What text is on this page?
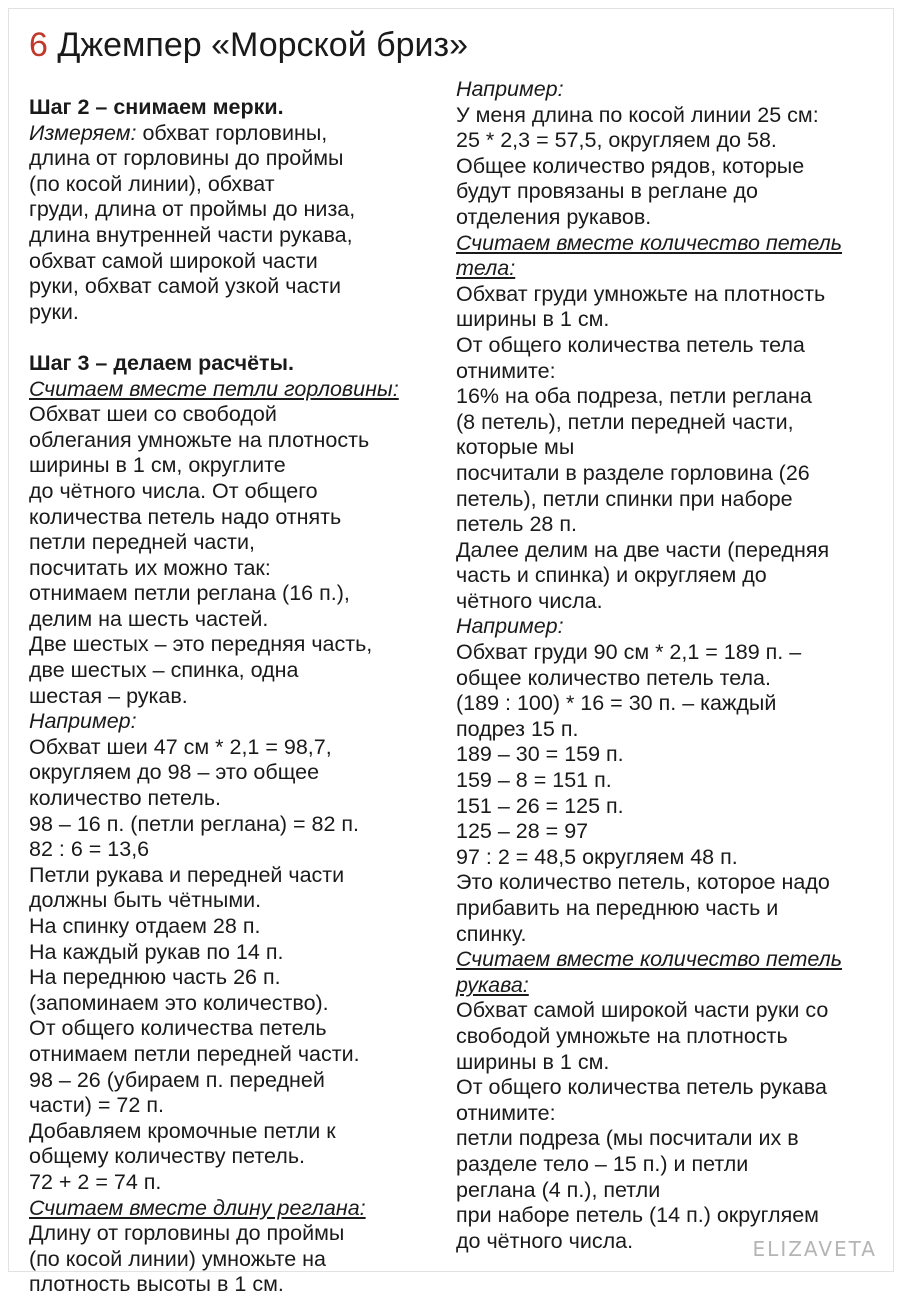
6 Джемпер «Морской бриз»
Шаг 2 – снимаем мерки.
Измеряем: обхват горловины,
длина от горловины до проймы
(по косой линии), обхват
груди, длина от проймы до низа,
длина внутренней части рукава,
обхват самой широкой части
руки, обхват самой узкой части
руки.
Шаг 3 – делаем расчёты.
Считаем вместе петли горловины:
Обхват шеи со свободой
облегания умножьте на плотность
ширины в 1 см, округлите
до чётного числа. От общего
количества петель надо отнять
петли передней части,
посчитать их можно так:
отнимаем петли реглана (16 п.),
делим на шесть частей.
Две шестых – это передняя часть,
две шестых – спинка, одна
шестая – рукав.
Например:
Обхват шеи 47 см * 2,1 = 98,7,
округляем до 98 – это общее
количество петель.
98 – 16 п. (петли реглана) = 82 п.
82 : 6 = 13,6
Петли рукава и передней части
должны быть чётными.
На спинку отдаем 28 п.
На каждый рукав по 14 п.
На переднюю часть 26 п.
(запоминаем это количество).
От общего количества петель
отнимаем петли передней части.
98 – 26 (убираем п. передней
части) = 72 п.
Добавляем кромочные петли к
общему количеству петель.
72 + 2 = 74 п.
Считаем вместе длину реглана:
Длину от горловины до проймы
(по косой линии) умножьте на
плотность высоты в 1 см.
Например:
У меня длина по косой линии 25 см:
25 * 2,3 = 57,5, округляем до 58.
Общее количество рядов, которые
будут провязаны в реглане до
отделения рукавов.
Считаем вместе количество петель
тела:
Обхват груди умножьте на плотность
ширины в 1 см.
От общего количества петель тела
отнимите:
16% на оба подреза, петли реглана
(8 петель), петли передней части,
которые мы
посчитали в разделе горловина (26
петель), петли спинки при наборе
петель 28 п.
Далее делим на две части (передняя
часть и спинка) и округляем до
чётного числа.
Например:
Обхват груди 90 см * 2,1 = 189 п. –
общее количество петель тела.
(189 : 100) * 16 = 30 п. – каждый
подрез 15 п.
189 – 30 = 159 п.
159 – 8 = 151 п.
151 – 26 = 125 п.
125 – 28 = 97
97 : 2 = 48,5 округляем 48 п.
Это количество петель, которое надо
прибавить на переднюю часть и
спинку.
Считаем вместе количество петель
рукава:
Обхват самой широкой части руки со
свободой умножьте на плотность
ширины в 1 см.
От общего количества петель рукава
отнимите:
петли подреза (мы посчитали их в
разделе тело – 15 п.) и петли
реглана (4 п.), петли
при наборе петель (14 п.) округляем
до чётного числа.	ELIZAVETA
